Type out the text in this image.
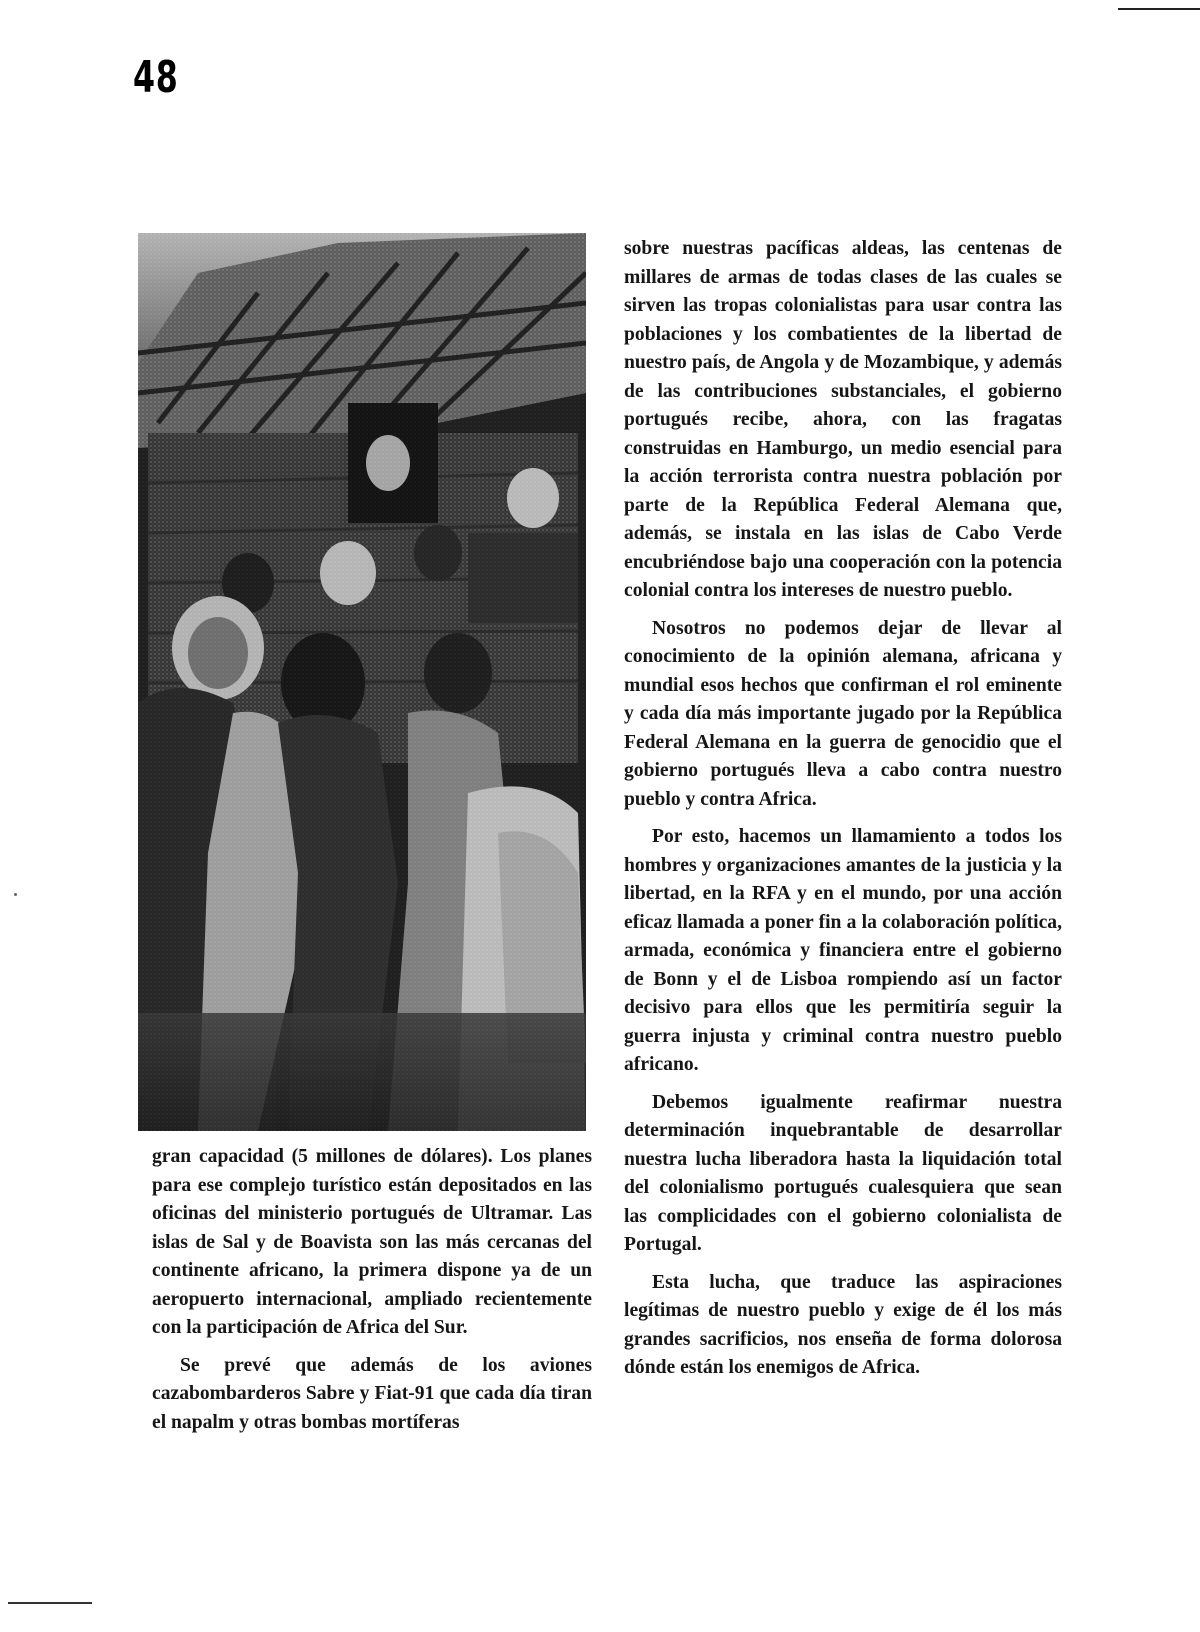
48

gran capacidad (5 millones de dólares). Los planes para ese complejo turístico están depositados en las oficinas del ministerio portugués de Ultramar. Las islas de Sal y de Boavista son las más cercanas del continente africano, la primera dispone ya de un aeropuerto internacional, ampliado recientemente con la participación de Africa del Sur.

Se prevé que además de los aviones cazabombarderos Sabre y Fiat-91 que cada día tiran el napalm y otras bombas mortíferas

sobre nuestras pacíficas aldeas, las centenas de millares de armas de todas clases de las cuales se sirven las tropas colonialistas para usar contra las poblaciones y los combatientes de la libertad de nuestro país, de Angola y de Mozambique, y además de las contribuciones substanciales, el gobierno portugués recibe, ahora, con las fragatas construidas en Hamburgo, un medio esencial para la acción terrorista contra nuestra población por parte de la República Federal Alemana que, además, se instala en las islas de Cabo Verde encubriéndose bajo una cooperación con la potencia colonial contra los intereses de nuestro pueblo.

Nosotros no podemos dejar de llevar al conocimiento de la opinión alemana, africana y mundial esos hechos que confirman el rol eminente y cada día más importante jugado por la República Federal Alemana en la guerra de genocidio que el gobierno portugués lleva a cabo contra nuestro pueblo y contra Africa.

Por esto, hacemos un llamamiento a todos los hombres y organizaciones amantes de la justicia y la libertad, en la RFA y en el mundo, por una acción eficaz llamada a poner fin a la colaboración política, armada, económica y financiera entre el gobierno de Bonn y el de Lisboa rompiendo así un factor decisivo para ellos que les permitiría seguir la guerra injusta y criminal contra nuestro pueblo africano.

Debemos igualmente reafirmar nuestra determinación inquebrantable de desarrollar nuestra lucha liberadora hasta la liquidación total del colonialismo portugués cualesquiera que sean las complicidades con el gobierno colonialista de Portugal.

Esta lucha, que traduce las aspiraciones legítimas de nuestro pueblo y exige de él los más grandes sacrificios, nos enseña de forma dolorosa dónde están los enemigos de Africa.
